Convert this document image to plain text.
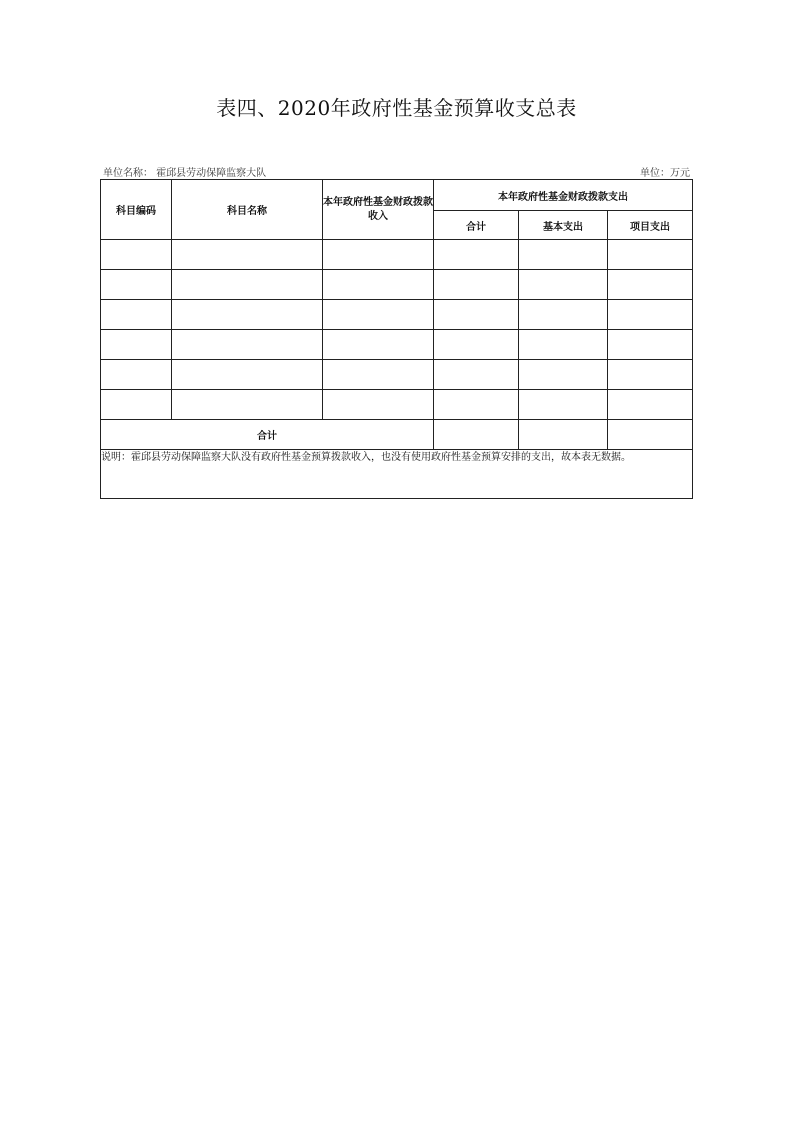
表四、2020年政府性基金预算收支总表
单位名称： 霍邱县劳动保障监察大队	单位：万元
科目编码	科目名称	本年政府性基金财政拨款收入	本年政府性基金财政拨款支出		
			合计	基本支出	项目支出

合计					
说明：霍邱县劳动保障监察大队没有政府性基金预算拨款收入，也没有使用政府性基金预算安排的支出，故本表无数据。					
